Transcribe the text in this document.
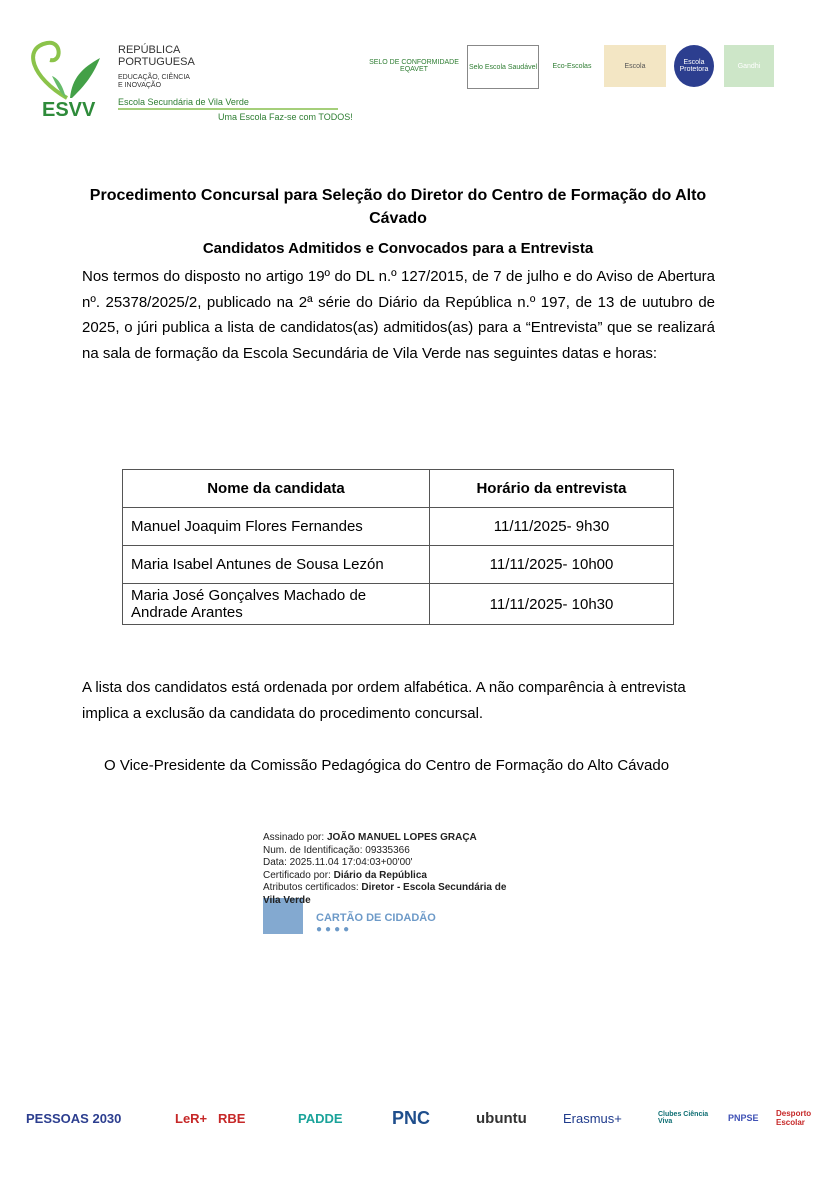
ESVV
REPÚBLICA
PORTUGUESA
EDUCAÇÃO, CIÊNCIA
E INOVAÇÃO
Escola Secundária de Vila Verde
Uma Escola Faz-se com TODOS!
SELO DE CONFORMIDADE EQAVET	Selo Escola Saudável	Eco-Escolas	Escola	Escola Protetora	Gandhi
Procedimento Concursal para Seleção do Diretor do Centro de Formação do Alto Cávado
Candidatos Admitidos e Convocados para a Entrevista
Nos termos do disposto no artigo 19º do DL n.º 127/2015, de 7 de julho e do Aviso de Abertura nº. 25378/2025/2, publicado na 2ª série do Diário da República n.º 197, de 13 de uutubro de 2025, o júri publica a lista de candidatos(as) admitidos(as) para a “Entrevista” que se realizará na sala de formação da Escola Secundária de Vila Verde nas seguintes datas e horas:
Nome da candidata	Horário da entrevista
Manuel Joaquim Flores Fernandes	11/11/2025- 9h30
Maria Isabel Antunes de Sousa Lezón	11/11/2025- 10h00
Maria José Gonçalves Machado de Andrade Arantes	11/11/2025- 10h30
A lista dos candidatos está ordenada por ordem alfabética. A não comparência à entrevista implica a exclusão da candidata do procedimento concursal.
O Vice-Presidente da Comissão Pedagógica do Centro de Formação do Alto Cávado
Assinado por: JOÃO MANUEL LOPES GRAÇA
Num. de Identificação: 09335366
Data: 2025.11.04 17:04:03+00'00'
Certificado por: Diário da República
Atributos certificados: Diretor - Escola Secundária de Vila Verde
CARTÃO DE CIDADÃO
●●●●
PESSOAS 2030	LeR+ RBE	PADDE	PNC	ubuntu	Erasmus+	Clubes Ciência Viva	PNPSE Desporto Escolar
